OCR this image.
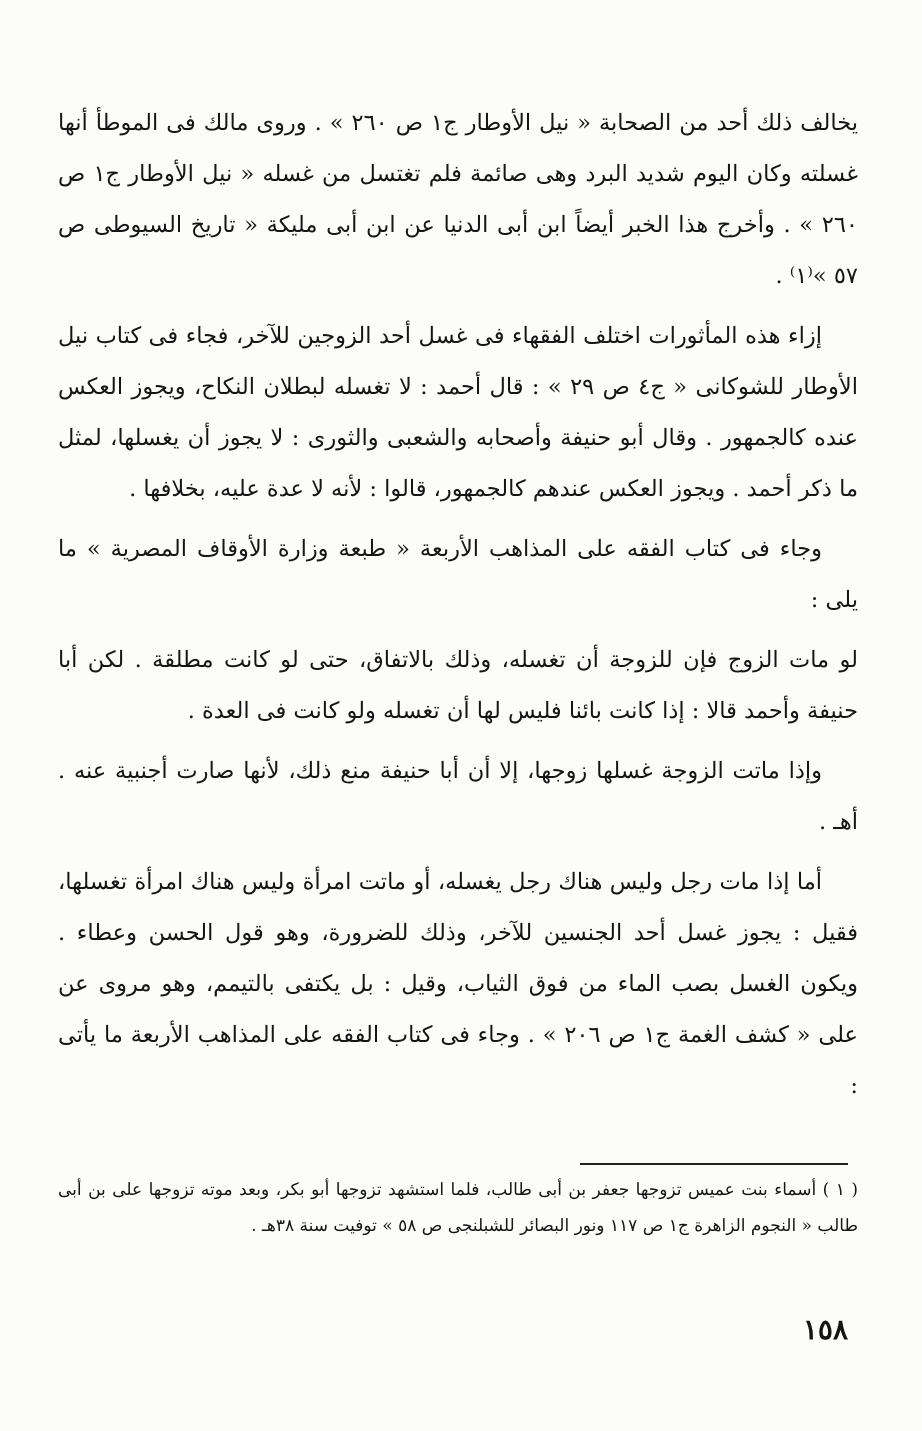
يخالف ذلك أحد من الصحابة « نيل الأوطار ج١ ص ٢٦٠ » . وروى مالك فى الموطأ أنها غسلته وكان اليوم شديد البرد وهى صائمة فلم تغتسل من غسله « نيل الأوطار ج١ ص ٢٦٠ » . وأخرج هذا الخبر أيضاً ابن أبى الدنيا عن ابن أبى مليكة « تاريخ السيوطى ص ٥٧ »⁽١⁾ .

إزاء هذه المأثورات اختلف الفقهاء فى غسل أحد الزوجين للآخر، فجاء فى كتاب نيل الأوطار للشوكانى « ج٤ ص ٢٩ » : قال أحمد : لا تغسله لبطلان النكاح، ويجوز العكس عنده كالجمهور . وقال أبو حنيفة وأصحابه والشعبى والثورى : لا يجوز أن يغسلها، لمثل ما ذكر أحمد . ويجوز العكس عندهم كالجمهور، قالوا : لأنه لا عدة عليه، بخلافها .

وجاء فى كتاب الفقه على المذاهب الأربعة « طبعة وزارة الأوقاف المصرية » ما يلى :

لو مات الزوج فإن للزوجة أن تغسله، وذلك بالاتفاق، حتى لو كانت مطلقة . لكن أبا حنيفة وأحمد قالا : إذا كانت بائنا فليس لها أن تغسله ولو كانت فى العدة .

وإذا ماتت الزوجة غسلها زوجها، إلا أن أبا حنيفة منع ذلك، لأنها صارت أجنبية عنه . أهـ .

أما إذا مات رجل وليس هناك رجل يغسله، أو ماتت امرأة وليس هناك امرأة تغسلها، فقيل : يجوز غسل أحد الجنسين للآخر، وذلك للضرورة، وهو قول الحسن وعطاء . ويكون الغسل بصب الماء من فوق الثياب، وقيل : بل يكتفى بالتيمم، وهو مروى عن على « كشف الغمة ج١ ص ٢٠٦ » . وجاء فى كتاب الفقه على المذاهب الأربعة ما يأتى :

( ١ ) أسماء بنت عميس تزوجها جعفر بن أبى طالب، فلما استشهد تزوجها أبو بكر، وبعد موته تزوجها على بن أبى طالب « النجوم الزاهرة ج١ ص ١١٧ ونور البصائر للشبلنجى ص ٥٨ » توفيت سنة ٣٨هـ .

١٥٨
